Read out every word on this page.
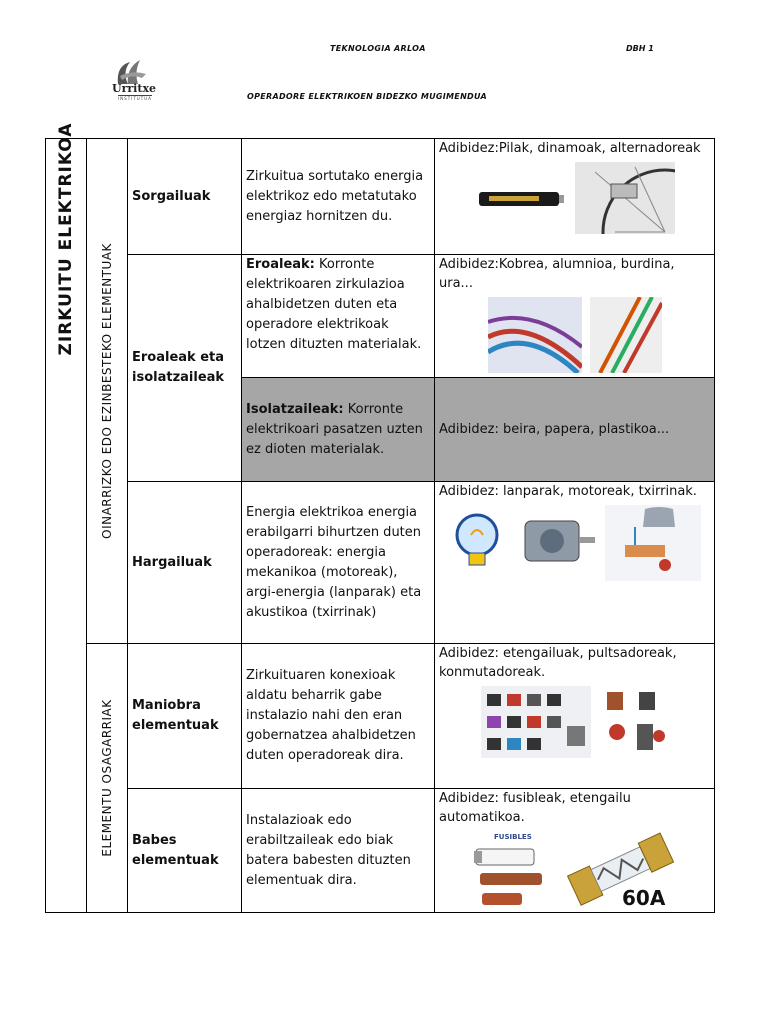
TEKNOLOGIA ARLOA	DBH 1
Urritxe
INSTITUTUA	OPERADORE ELEKTRIKOEN BIDEZKO MUGIMENDUA
ZIRKUITU ELEKTRIKOA	OINARRIZKO EDO EZINBESTEKO ELEMENTUAK	Sorgailuak	Zirkuitua sortutako energia elektrikoz edo metatutako energiaz hornitzen du.	Adibidez:Pilak, dinamoak, alternadoreak

		Eroaleak eta isolatzaileak	Eroaleak: Korronte elektrikoaren zirkulazioa ahalbidetzen duten eta operadore elektrikoak lotzen dituzten materialak.	Adibidez:Kobrea, alumnioa, burdina, ura...

			Isolatzaileak: Korronte elektrikoari pasatzen uzten ez dioten materialak.	Adibidez: beira, papera, plastikoa...
		Hargailuak	Energia elektrikoa energia erabilgarri bihurtzen duten operadoreak: energia mekanikoa (motoreak), argi-energia (lanparak) eta akustikoa (txirrinak)	Adibidez: lanparak, motoreak, txirrinak.

	ELEMENTU OSAGARRIAK	Maniobra elementuak	Zirkuituaren konexioak aldatu beharrik gabe instalazio nahi den eran gobernatzea ahalbidetzen duten operadoreak dira.	Adibidez: etengailuak, pultsadoreak, konmutadoreak.

		Babes elementuak	Instalazioak edo erabiltzaileak edo biak batera babesten dituzten elementuak dira.	Adibidez: fusibleak, etengailu automatikoa.
FUSIBLES
60A
